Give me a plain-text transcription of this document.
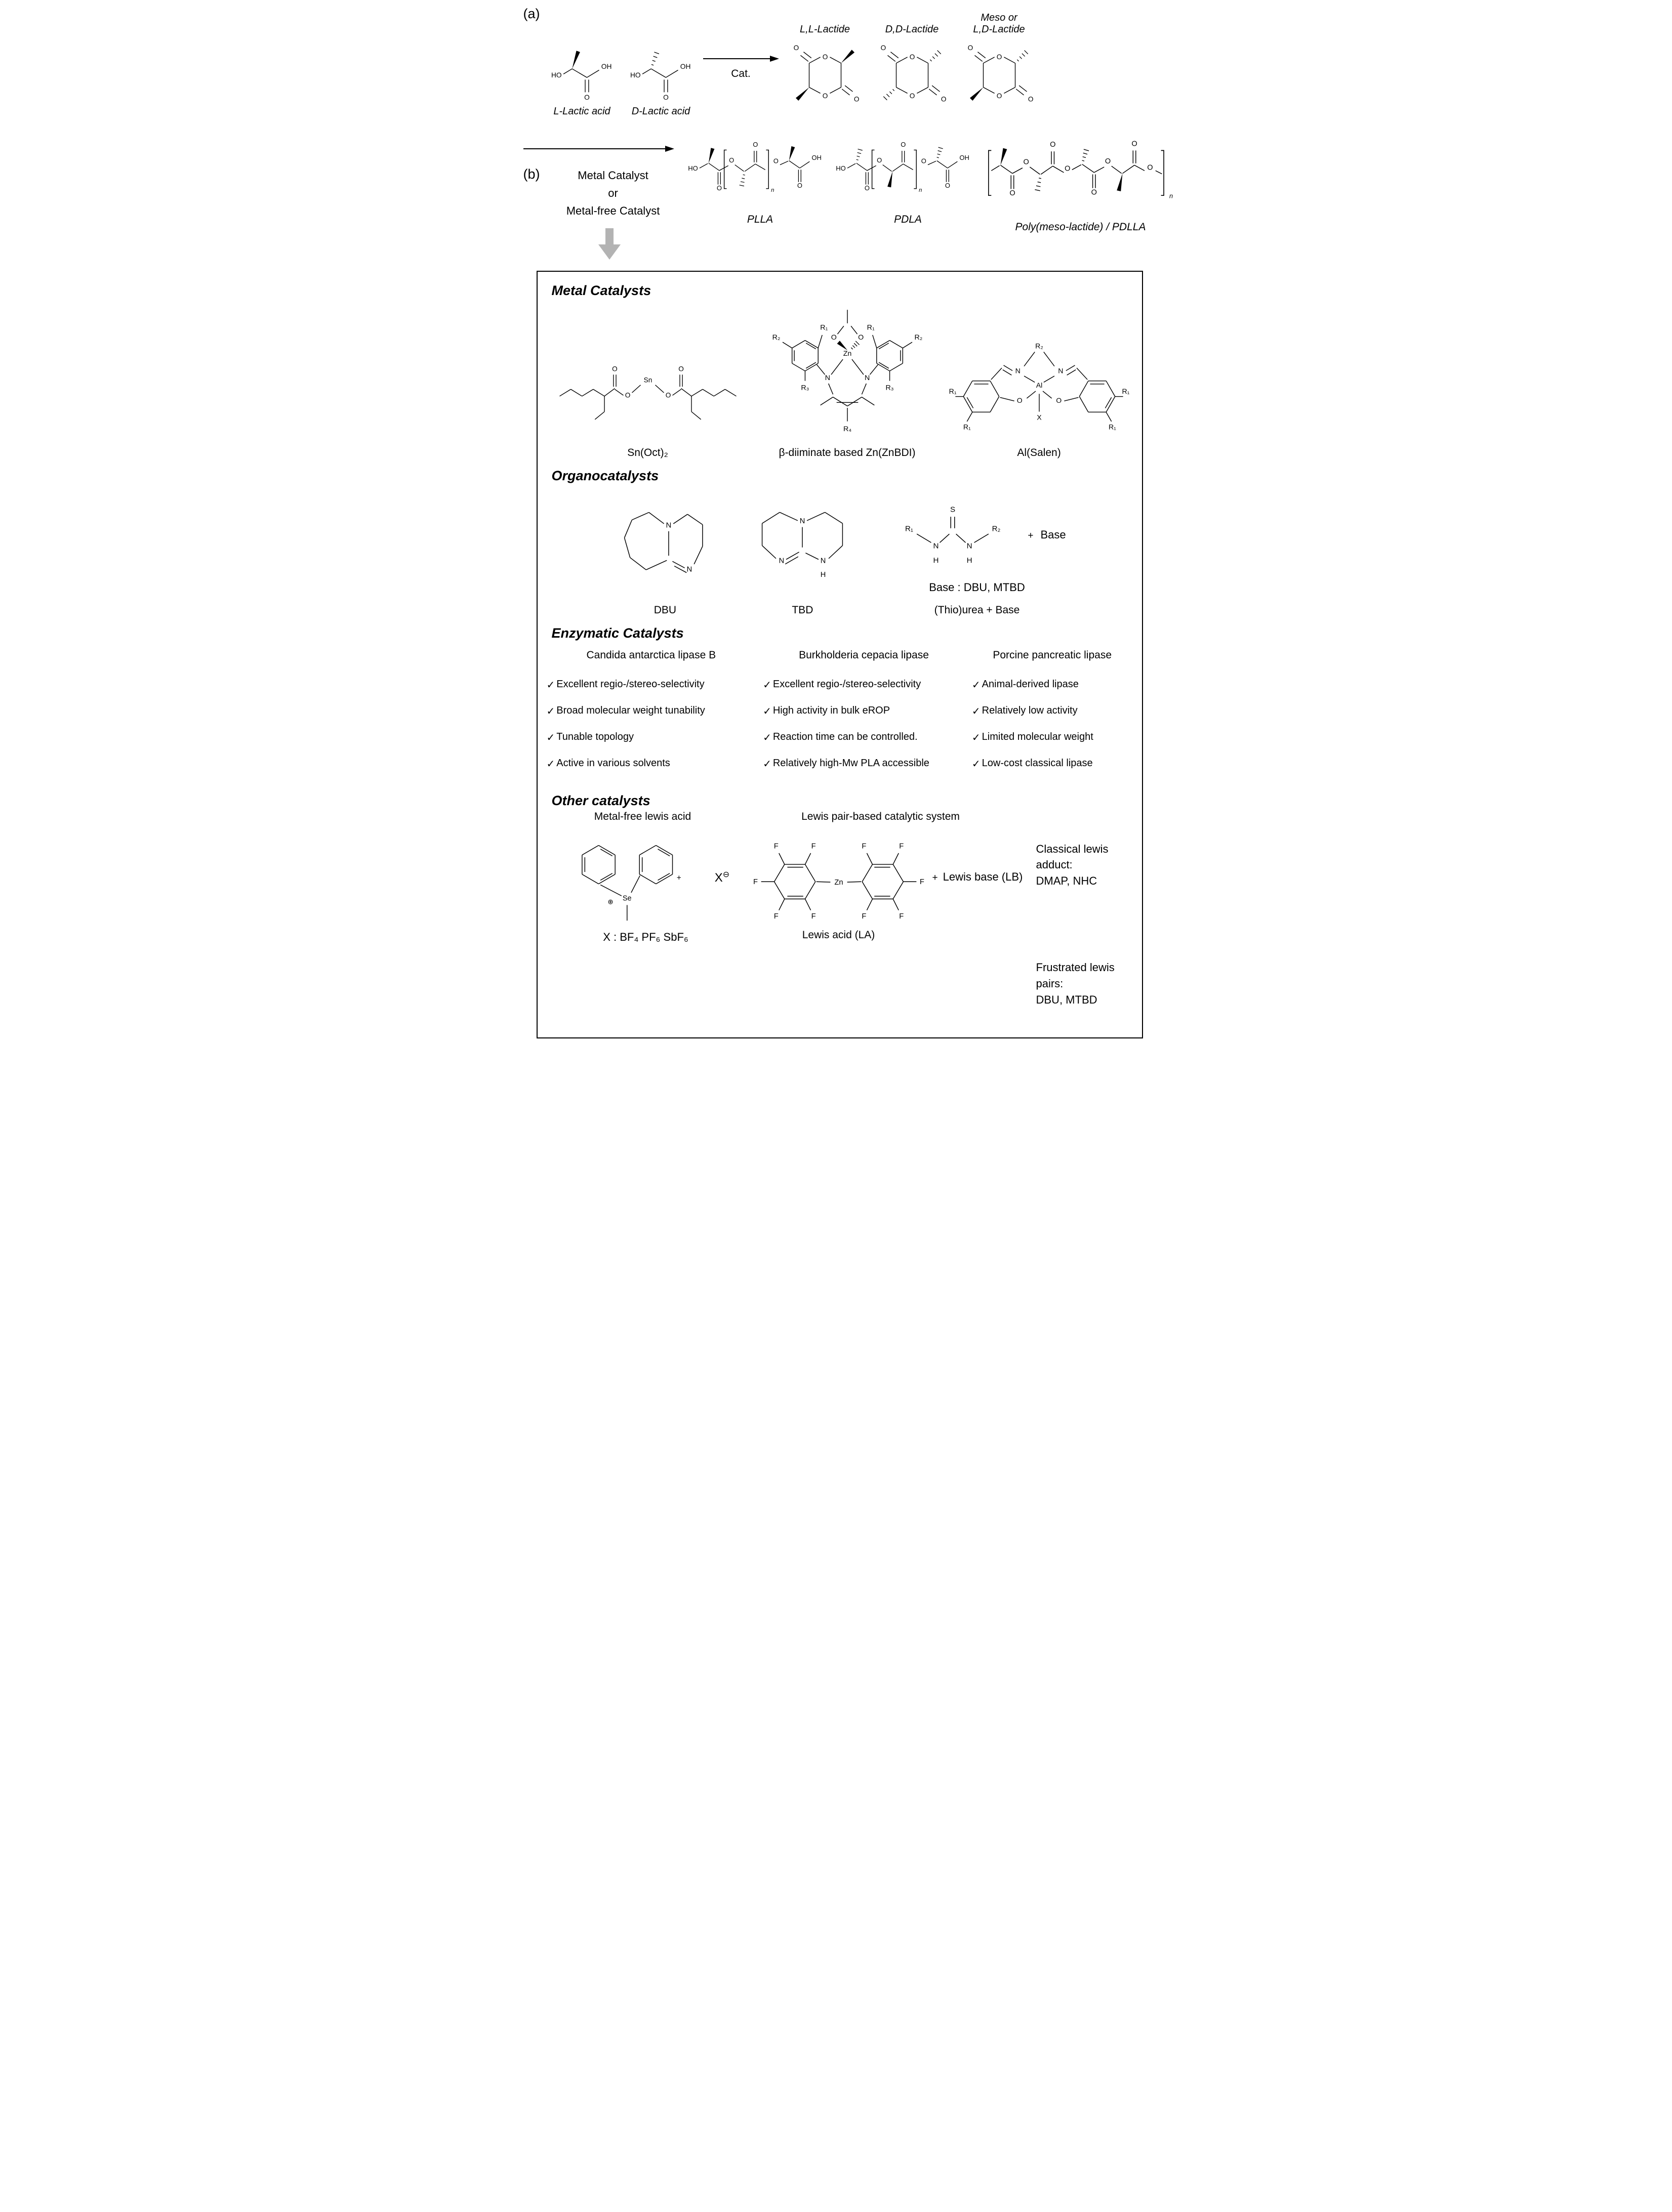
(a)
HO
OH
O
L-Lactic acid
HO
OH
O
D-Lactic acid
Cat.
L,L-Lactide
O
O
O
O
D,D-Lactide
O
O
O
O
Meso or
L,D-Lactide
O
O
O
O
(b)	Metal Catalyst
or
Metal-free Catalyst
HO
O
O
O
n
O
O
OH
PLLA
HO
O
O
O
n
O
O
OH
PDLA
O
O
O
O
O
O
O
O
n
Poly(meso-lactide) / PDLLA
Metal Catalysts
Sn
O	O
O	O
Sn(Oct)₂
Zn
O	O
N	N
R₁
R₂
R₃
R₁
R₂
R₃
R₄
β-diiminate based Zn(ZnBDI)
Al
R₂
N	N
O	O
X
R₁
R₁
R₁
R₁
Al(Salen)
Organocatalysts
N
N
DBU
N
N	N
H
TBD
S
N
H
N
H
R₁	R₂
+ Base
Base : DBU, MTBD
(Thio)urea + Base
Enzymatic Catalysts
Candida antarctica lipase B
✓ Excellent regio-/stereo-selectivity
✓ Broad molecular weight tunability
✓ Tunable topology
✓ Active in various solvents
Burkholderia cepacia lipase
✓ Excellent regio-/stereo-selectivity
✓ High activity in bulk eROP
✓ Reaction time can be controlled.
✓ Relatively high-Mw PLA accessible
Porcine pancreatic lipase
✓ Animal-derived lipase
✓ Relatively low activity
✓ Limited molecular weight
✓ Low-cost classical lipase
Other catalysts
Metal-free lewis acid	Lewis pair-based catalytic system
Se
⊕
+	X⊖
X : BF₄ PF₆ SbF₆
Zn
F
F
F
F	F
F	F
F
F	F
+ Lewis base (LB)
Lewis acid (LA)
Classical lewis adduct:
DMAP, NHC
Frustrated lewis pairs:
DBU, MTBD
